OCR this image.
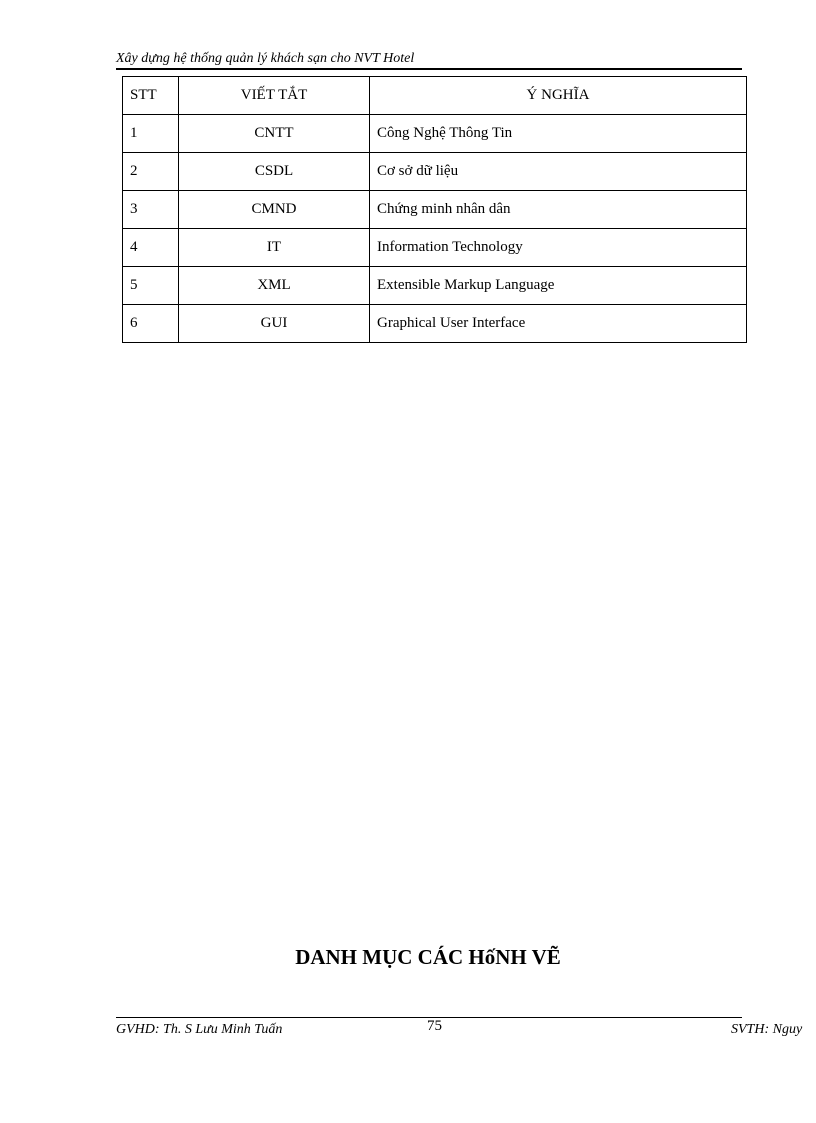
Xây dựng hệ thống quản lý khách sạn cho NVT Hotel
STT	VIẾT TẮT	Ý NGHĨA
1	CNTT	Công Nghệ Thông Tin
2	CSDL	Cơ sở dữ liệu
3	CMND	Chứng minh nhân dân
4	IT	Information Technology
5	XML	Extensible Markup Language
6	GUI	Graphical User Interface
DANH MỤC CÁC HốNH VẼ
GVHD: Th. S Lưu Minh Tuấn	75	SVTH: Nguy
